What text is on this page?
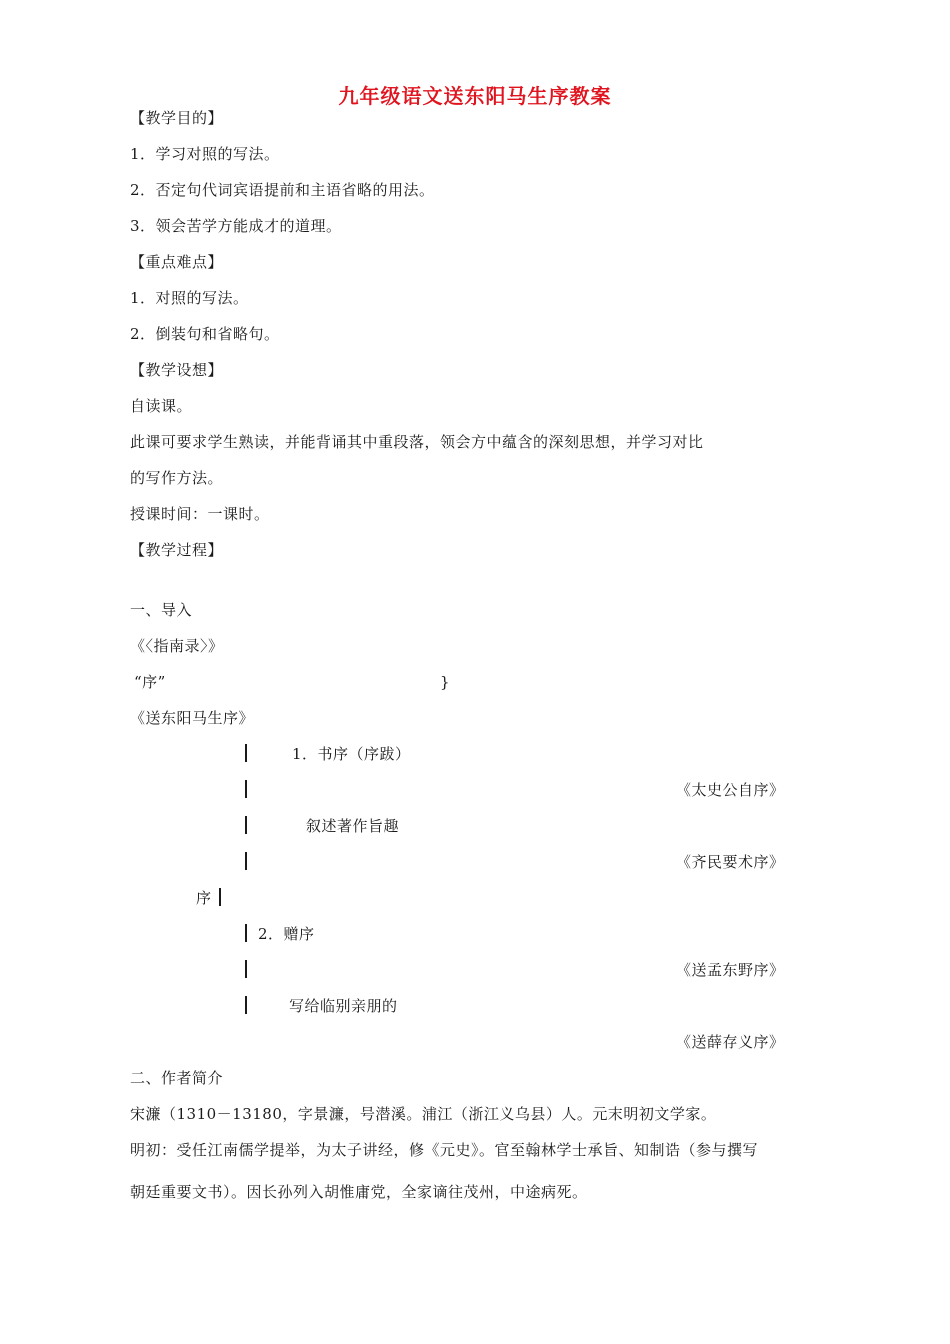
九年级语文送东阳马生序教案
【教学目的】
1．学习对照的写法。
2．否定句代词宾语提前和主语省略的用法。
3．领会苦学方能成才的道理。
【重点难点】
1．对照的写法。
2．倒装句和省略句。
【教学设想】
自读课。
此课可要求学生熟读，并能背诵其中重段落，领会方中蕴含的深刻思想，并学习对比
的写作方法。
授课时间：一课时。
【教学过程】
一、导入
《〈指南录〉》
“序”	}
《送东阳马生序》
1．书序（序跋）
《太史公自序》
叙述著作旨趣
《齐民要术序》
序
2．赠序
《送孟东野序》
写给临别亲朋的
《送薛存义序》
二、作者简介
宋濂（1310－13180，字景濂，号潜溪。浦江（浙江义乌县）人。元末明初文学家。
明初：受任江南儒学提举，为太子讲经，修《元史》。官至翰林学士承旨、知制诰（参与撰写
朝廷重要文书）。因长孙列入胡惟庸党，全家谪往茂州，中途病死。
